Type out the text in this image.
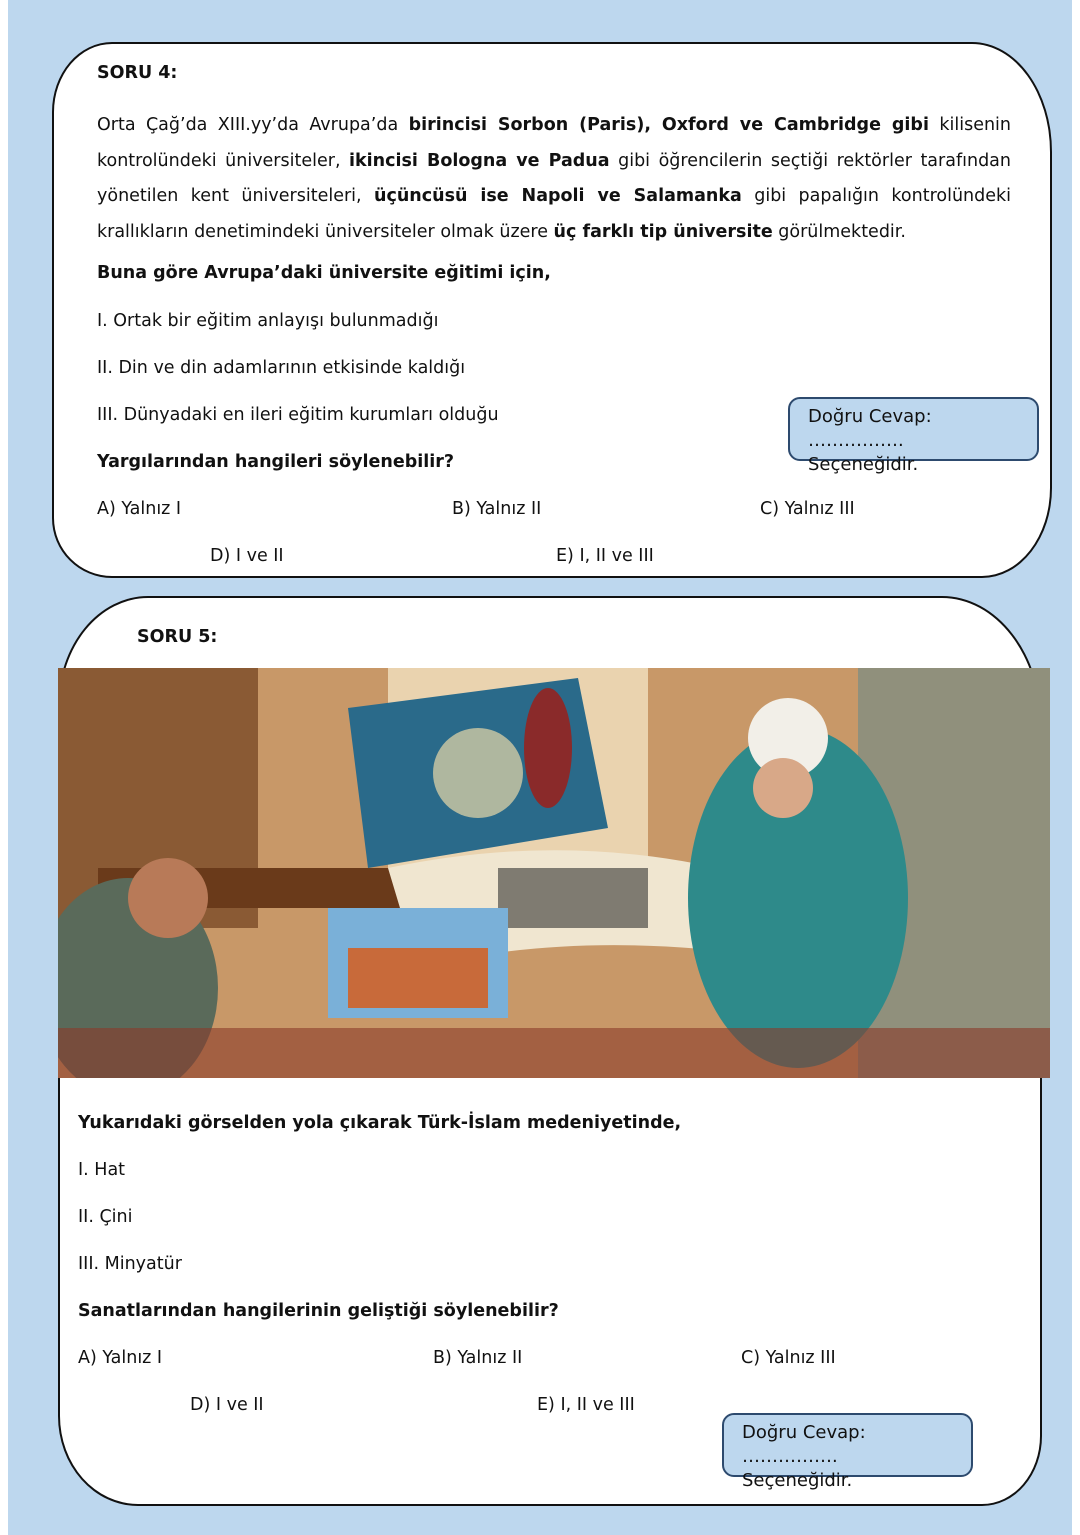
SORU 4:
Orta Çağ’da XIII.yy’da Avrupa’da birincisi Sorbon (Paris), Oxford ve Cambridge gibi kilisenin kontrolündeki üniversiteler, ikincisi Bologna ve Padua gibi öğrencilerin seçtiği rektörler tarafından yönetilen kent üniversiteleri, üçüncüsü ise Napoli ve Salamanka gibi papalığın kontrolündeki krallıkların denetimindeki üniversiteler olmak üzere üç farklı tip üniversite görülmektedir.
Buna göre Avrupa’daki üniversite eğitimi için,
I. Ortak bir eğitim anlayışı bulunmadığı
II. Din ve din adamlarının etkisinde kaldığı
III. Dünyadaki en ileri eğitim kurumları olduğu
Yargılarından hangileri söylenebilir?
A) Yalnız I	B) Yalnız II	C) Yalnız III
D) I ve II	E) I, II ve III
Doğru Cevap:
……………. Seçeneğidir.
SORU 5:
Yukarıdaki görselden yola çıkarak Türk-İslam medeniyetinde,
I. Hat
II. Çini
III. Minyatür
Sanatlarından hangilerinin geliştiği söylenebilir?
A) Yalnız I	B) Yalnız II	C) Yalnız III
D) I ve II	E) I, II ve III
Doğru Cevap:
……………. Seçeneğidir.
